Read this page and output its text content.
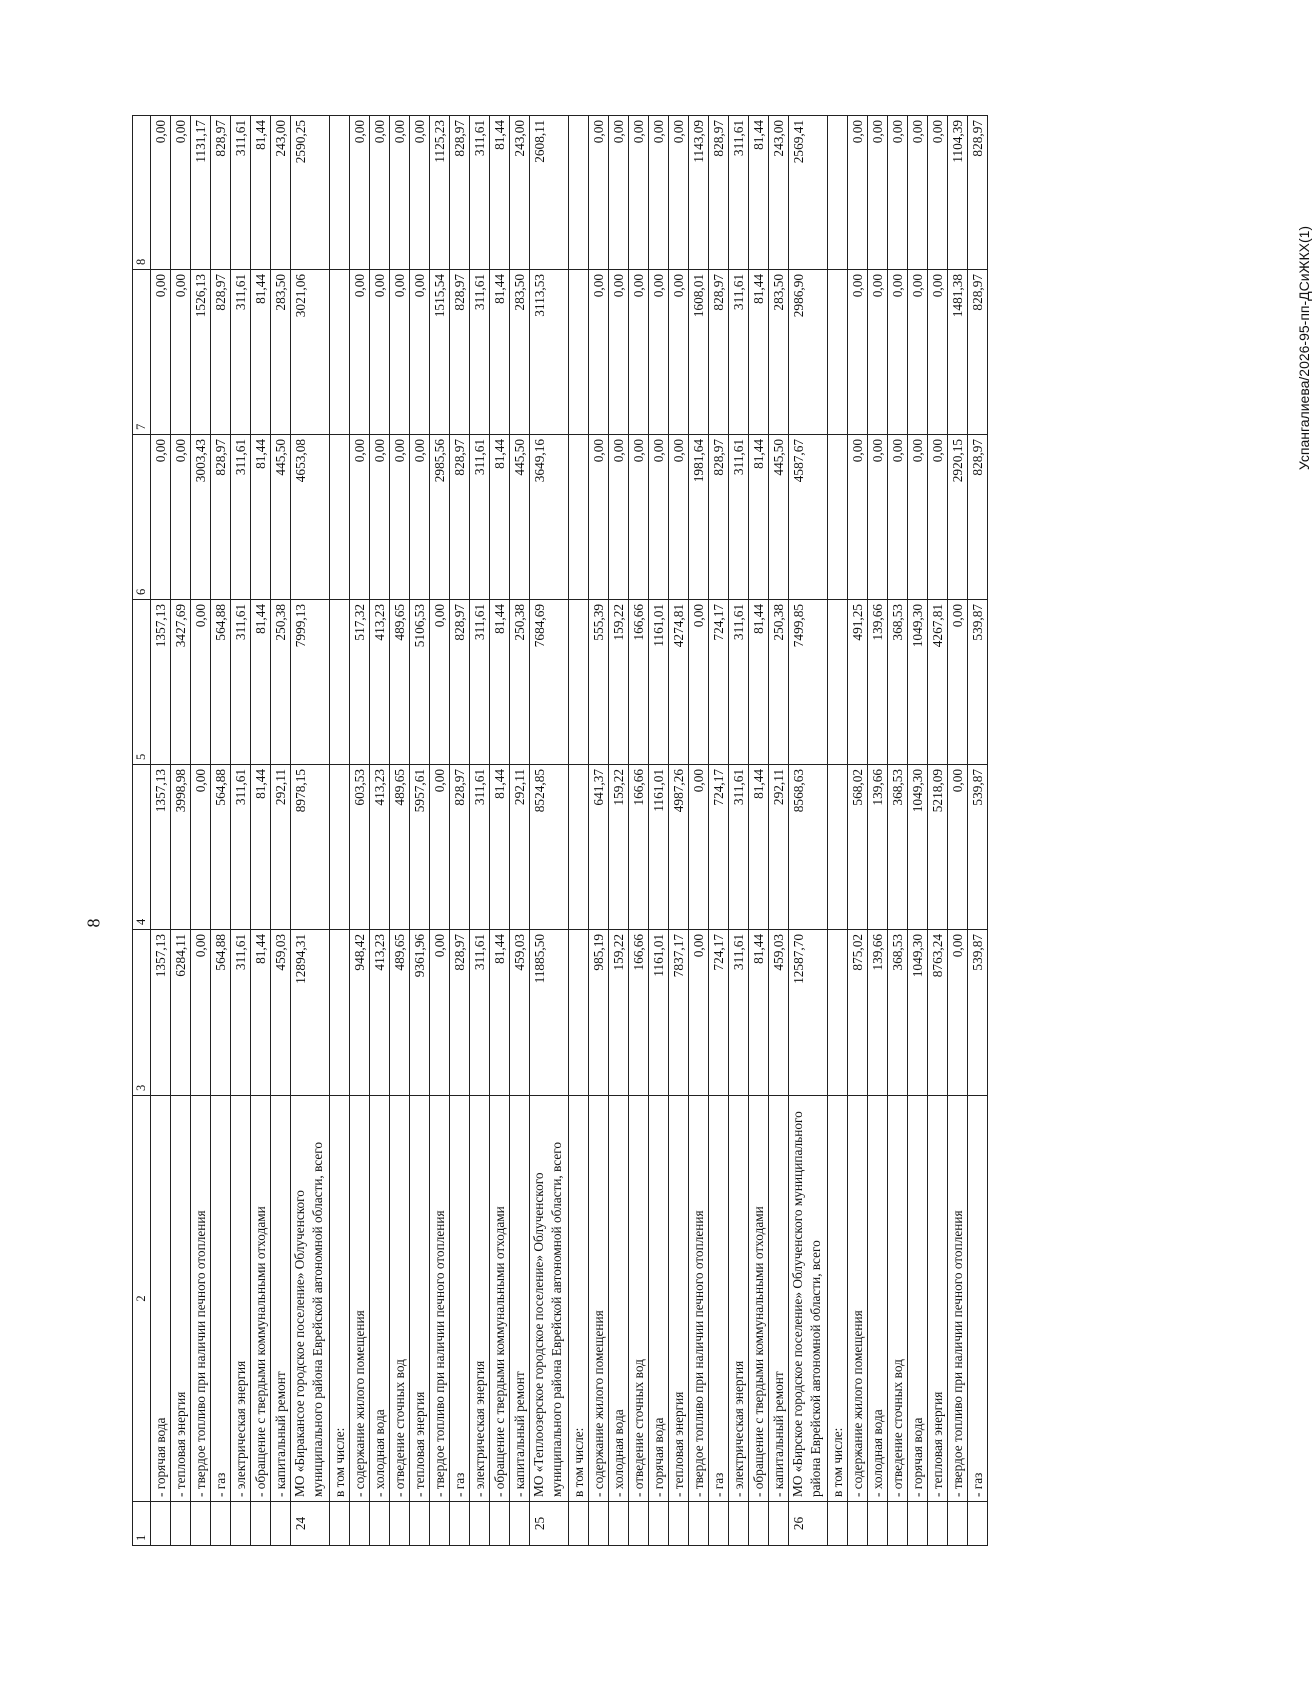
8
Успангалиева/2026-95-пп-ДСиЖКХ(1)
1	2	3	4	5	6	7	8
	- горячая вода	1357,13	1357,13	1357,13	0,00	0,00	0,00
	- тепловая энергия	6284,11	3998,98	3427,69	0,00	0,00	0,00
	- твердое топливо при наличии печного отопления	0,00	0,00	0,00	3003,43	1526,13	1131,17
	- газ	564,88	564,88	564,88	828,97	828,97	828,97
	- электрическая энергия	311,61	311,61	311,61	311,61	311,61	311,61
	- обращение с твердыми коммунальными отходами	81,44	81,44	81,44	81,44	81,44	81,44
	- капитальный ремонт	459,03	292,11	250,38	445,50	283,50	243,00
24	МО «Биракансое городское поселение» Облученского муниципального района Еврейской автономной области, всего	12894,31	8978,15	7999,13	4653,08	3021,06	2590,25
	в том числе:						
	- содержание жилого помещения	948,42	603,53	517,32	0,00	0,00	0,00
	- холодная вода	413,23	413,23	413,23	0,00	0,00	0,00
	- отведение сточных вод	489,65	489,65	489,65	0,00	0,00	0,00
	- тепловая энергия	9361,96	5957,61	5106,53	0,00	0,00	0,00
	- твердое топливо при наличии печного отопления	0,00	0,00	0,00	2985,56	1515,54	1125,23
	- газ	828,97	828,97	828,97	828,97	828,97	828,97
	- электрическая энергия	311,61	311,61	311,61	311,61	311,61	311,61
	- обращение с твердыми коммунальными отходами	81,44	81,44	81,44	81,44	81,44	81,44
	- капитальный ремонт	459,03	292,11	250,38	445,50	283,50	243,00
25	МО «Теплоозерское городское поселение» Облученского муниципального района Еврейской автономной области, всего	11885,50	8524,85	7684,69	3649,16	3113,53	2608,11
	в том числе:						
	- содержание жилого помещения	985,19	641,37	555,39	0,00	0,00	0,00
	- холодная вода	159,22	159,22	159,22	0,00	0,00	0,00
	- отведение сточных вод	166,66	166,66	166,66	0,00	0,00	0,00
	- горячая вода	1161,01	1161,01	1161,01	0,00	0,00	0,00
	- тепловая энергия	7837,17	4987,26	4274,81	0,00	0,00	0,00
	- твердое топливо при наличии печного отопления	0,00	0,00	0,00	1981,64	1608,01	1143,09
	- газ	724,17	724,17	724,17	828,97	828,97	828,97
	- электрическая энергия	311,61	311,61	311,61	311,61	311,61	311,61
	- обращение с твердыми коммунальными отходами	81,44	81,44	81,44	81,44	81,44	81,44
	- капитальный ремонт	459,03	292,11	250,38	445,50	283,50	243,00
26	МО «Бирское городское поселение» Облученского муниципального района Еврейской автономной области, всего	12587,70	8568,63	7499,85	4587,67	2986,90	2569,41
	в том числе:						
	- содержание жилого помещения	875,02	568,02	491,25	0,00	0,00	0,00
	- холодная вода	139,66	139,66	139,66	0,00	0,00	0,00
	- отведение сточных вод	368,53	368,53	368,53	0,00	0,00	0,00
	- горячая вода	1049,30	1049,30	1049,30	0,00	0,00	0,00
	- тепловая энергия	8763,24	5218,09	4267,81	0,00	0,00	0,00
	- твердое топливо при наличии печного отопления	0,00	0,00	0,00	2920,15	1481,38	1104,39
	- газ	539,87	539,87	539,87	828,97	828,97	828,97
